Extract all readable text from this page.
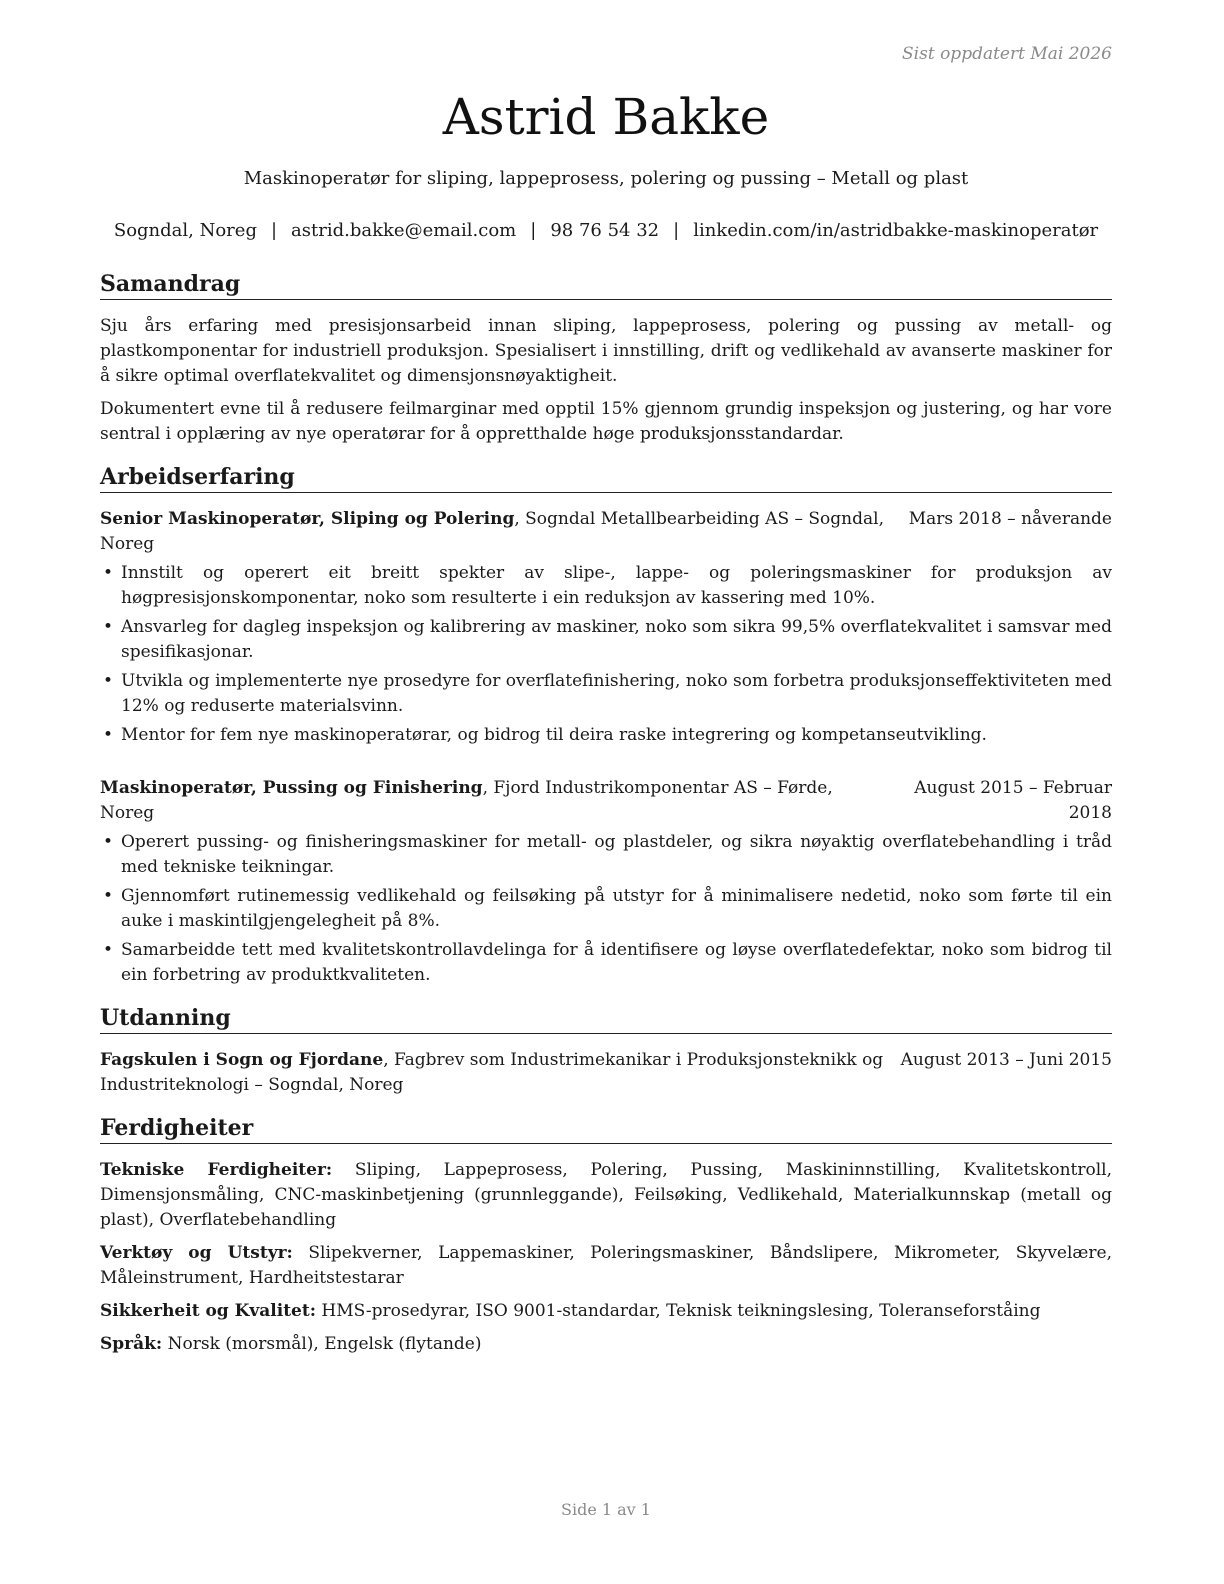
Sist oppdatert Mai 2026
Astrid Bakke
Maskinoperatør for sliping, lappeprosess, polering og pussing – Metall og plast
Sogndal, Noreg | astrid.bakke@email.com | 98 76 54 32 | linkedin.com/in/astridbakke-maskinoperatør
Samandrag

Sju års erfaring med presisjonsarbeid innan sliping, lappeprosess, polering og pussing av metall- og plastkomponentar for industriell produksjon. Spesialisert i innstilling, drift og vedlikehald av avanserte maskiner for å sikre optimal overflatekvalitet og dimensjonsnøyaktigheit.

Dokumentert evne til å redusere feilmarginar med opptil 15% gjennom grundig inspeksjon og justering, og har vore sentral i opplæring av nye operatørar for å oppretthalde høge produksjonsstandardar.

Arbeidserfaring
Senior Maskinoperatør, Sliping og Polering, Sogndal Metallbearbeiding AS – Sogndal, Noreg
Mars 2018 – nåverande
• Innstilt og operert eit breitt spekter av slipe-, lappe- og poleringsmaskiner for produksjon av høgpresisjonskomponentar, noko som resulterte i ein reduksjon av kassering med 10%.
• Ansvarleg for dagleg inspeksjon og kalibrering av maskiner, noko som sikra 99,5% overflatekvalitet i samsvar med spesifikasjonar.
• Utvikla og implementerte nye prosedyre for overflatefinishering, noko som forbetra produksjonseffektiviteten med 12% og reduserte materialsvinn.
• Mentor for fem nye maskinoperatørar, og bidrog til deira raske integrering og kompetanseutvikling.
Maskinoperatør, Pussing og Finishering, Fjord Industrikomponentar AS – Førde, Noreg
August 2015 – Februar 2018
• Operert pussing- og finisheringsmaskiner for metall- og plastdeler, og sikra nøyaktig overflatebehandling i tråd med tekniske teikningar.
• Gjennomført rutinemessig vedlikehald og feilsøking på utstyr for å minimalisere nedetid, noko som førte til ein auke i maskintilgjengelegheit på 8%.
• Samarbeidde tett med kvalitetskontrollavdelinga for å identifisere og løyse overflatedefektar, noko som bidrog til ein forbetring av produktkvaliteten.
Utdanning
Fagskulen i Sogn og Fjordane, Fagbrev som Industrimekanikar i Produksjonsteknikk og Industriteknologi – Sogndal, Noreg
August 2013 – Juni 2015
Ferdigheiter

Tekniske Ferdigheiter: Sliping, Lappeprosess, Polering, Pussing, Maskininnstilling, Kvalitetskontroll, Dimensjonsmåling, CNC-maskinbetjening (grunnleggande), Feilsøking, Vedlikehald, Materialkunnskap (metall og plast), Overflatebehandling

Verktøy og Utstyr: Slipekverner, Lappemaskiner, Poleringsmaskiner, Båndslipere, Mikrometer, Skyvelære, Måleinstrument, Hardheitstestarar

Sikkerheit og Kvalitet: HMS-prosedyrar, ISO 9001-standardar, Teknisk teikningslesing, Toleranseforståing

Språk: Norsk (morsmål), Engelsk (flytande)

Side 1 av 1
